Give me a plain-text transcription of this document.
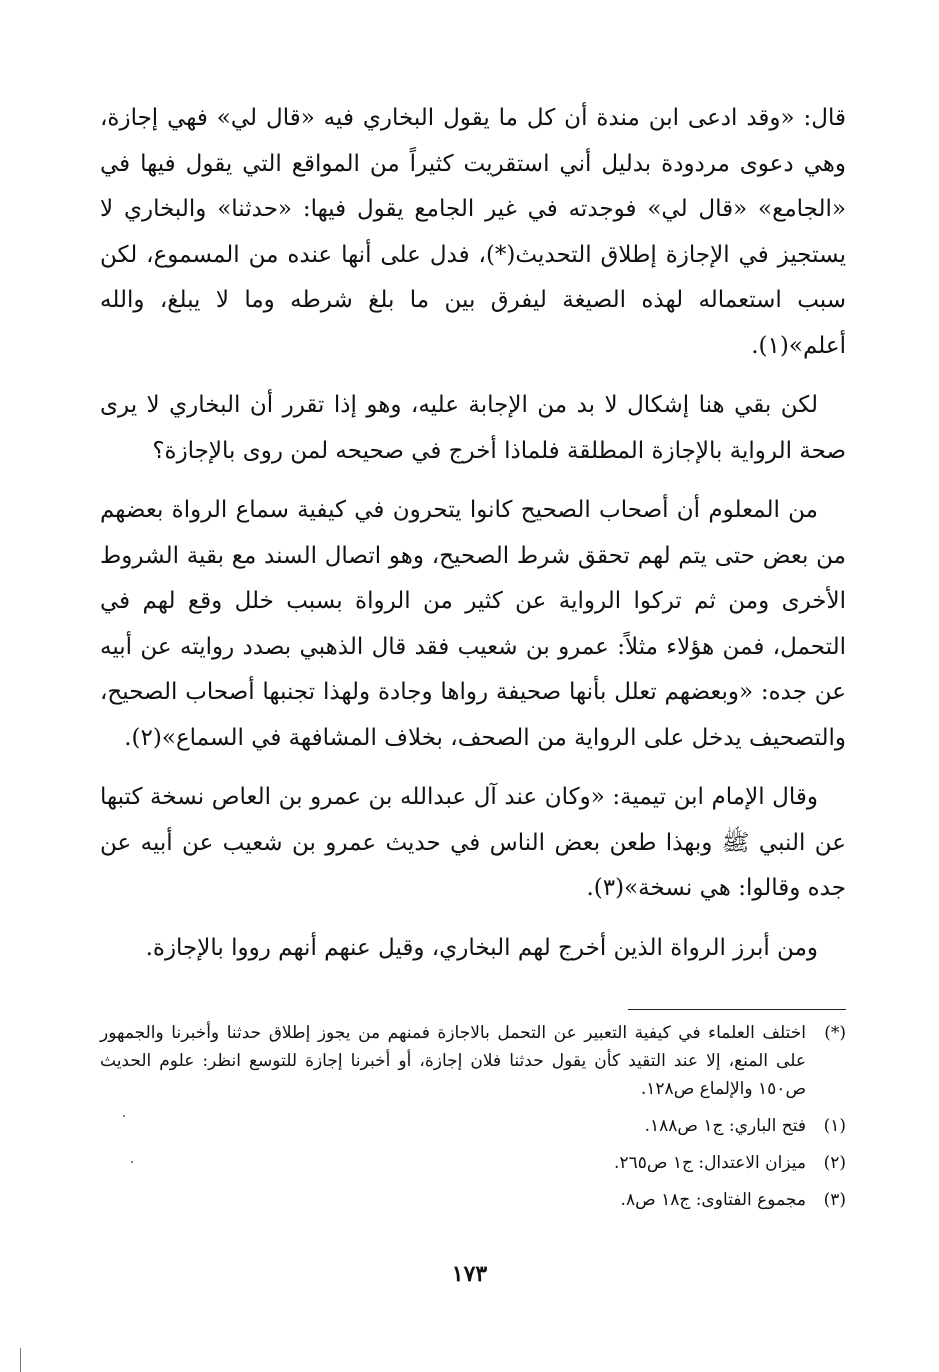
قال: «وقد ادعى ابن مندة أن كل ما يقول البخاري فيه «قال لي» فهي إجازة، وهي دعوى مردودة بدليل أني استقريت كثيراً من المواقع التي يقول فيها في «الجامع» «قال لي» فوجدته في غير الجامع يقول فيها: «حدثنا» والبخاري لا يستجيز في الإجازة إطلاق التحديث(*)، فدل على أنها عنده من المسموع، لكن سبب استعماله لهذه الصيغة ليفرق بين ما بلغ شرطه وما لا يبلغ، والله أعلم»(١).

لكن بقي هنا إشكال لا بد من الإجابة عليه، وهو إذا تقرر أن البخاري لا يرى صحة الرواية بالإجازة المطلقة فلماذا أخرج في صحيحه لمن روى بالإجازة؟

من المعلوم أن أصحاب الصحيح كانوا يتحرون في كيفية سماع الرواة بعضهم من بعض حتى يتم لهم تحقق شرط الصحيح، وهو اتصال السند مع بقية الشروط الأخرى ومن ثم تركوا الرواية عن كثير من الرواة بسبب خلل وقع لهم في التحمل، فمن هؤلاء مثلاً: عمرو بن شعيب فقد قال الذهبي بصدد روايته عن أبيه عن جده: «وبعضهم تعلل بأنها صحيفة رواها وجادة ولهذا تجنبها أصحاب الصحيح، والتصحيف يدخل على الرواية من الصحف، بخلاف المشافهة في السماع»(٢).

وقال الإمام ابن تيمية: «وكان عند آل عبدالله بن عمرو بن العاص نسخة كتبها عن النبي ﷺ وبهذا طعن بعض الناس في حديث عمرو بن شعيب عن أبيه عن جده وقالوا: هي نسخة»(٣).

ومن أبرز الرواة الذين أخرج لهم البخاري، وقيل عنهم أنهم رووا بالإجازة.

(*)
اختلف العلماء في كيفية التعبير عن التحمل بالاجازة فمنهم من يجوز إطلاق حدثنا وأخبرنا والجمهور على المنع، إلا عند التقيد كأن يقول حدثنا فلان إجازة، أو أخبرنا إجازة للتوسع انظر: علوم الحديث ص١٥٠ والإلماع ص١٢٨.
(١)
فتح الباري: ج١ ص١٨٨.
(٢)
ميزان الاعتدال: ج١ ص٢٦٥.
(٣)
مجموع الفتاوى: ج١٨ ص٨.
١٧٣
